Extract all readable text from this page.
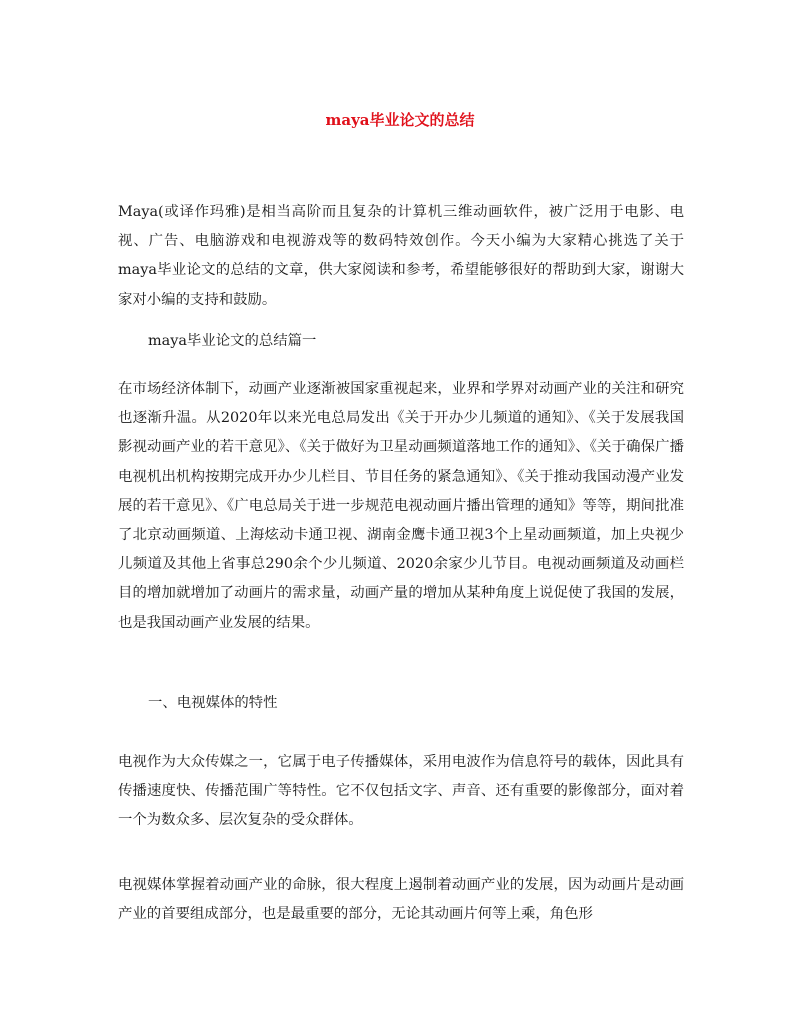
maya毕业论文的总结

Maya(或译作玛雅)是相当高阶而且复杂的计算机三维动画软件，被广泛用于电影、电视、广告、电脑游戏和电视游戏等的数码特效创作。今天小编为大家精心挑选了关于maya毕业论文的总结的文章，供大家阅读和参考，希望能够很好的帮助到大家，谢谢大家对小编的支持和鼓励。

maya毕业论文的总结篇一

在市场经济体制下，动画产业逐渐被国家重视起来，业界和学界对动画产业的关注和研究也逐渐升温。从2020年以来光电总局发出《关于开办少儿频道的通知》、《关于发展我国影视动画产业的若干意见》、《关于做好为卫星动画频道落地工作的通知》、《关于确保广播电视机出机构按期完成开办少儿栏目、节目任务的紧急通知》、《关于推动我国动漫产业发展的若干意见》、《广电总局关于进一步规范电视动画片播出管理的通知》等等，期间批准了北京动画频道、上海炫动卡通卫视、湖南金鹰卡通卫视3个上星动画频道，加上央视少儿频道及其他上省事总290余个少儿频道、2020余家少儿节目。电视动画频道及动画栏目的增加就增加了动画片的需求量，动画产量的增加从某种角度上说促使了我国的发展，也是我国动画产业发展的结果。

一、电视媒体的特性

电视作为大众传媒之一，它属于电子传播媒体，采用电波作为信息符号的载体，因此具有传播速度快、传播范围广等特性。它不仅包括文字、声音、还有重要的影像部分，面对着一个为数众多、层次复杂的受众群体。

电视媒体掌握着动画产业的命脉，很大程度上遏制着动画产业的发展，因为动画片是动画产业的首要组成部分，也是最重要的部分，无论其动画片何等上乘，角色形
